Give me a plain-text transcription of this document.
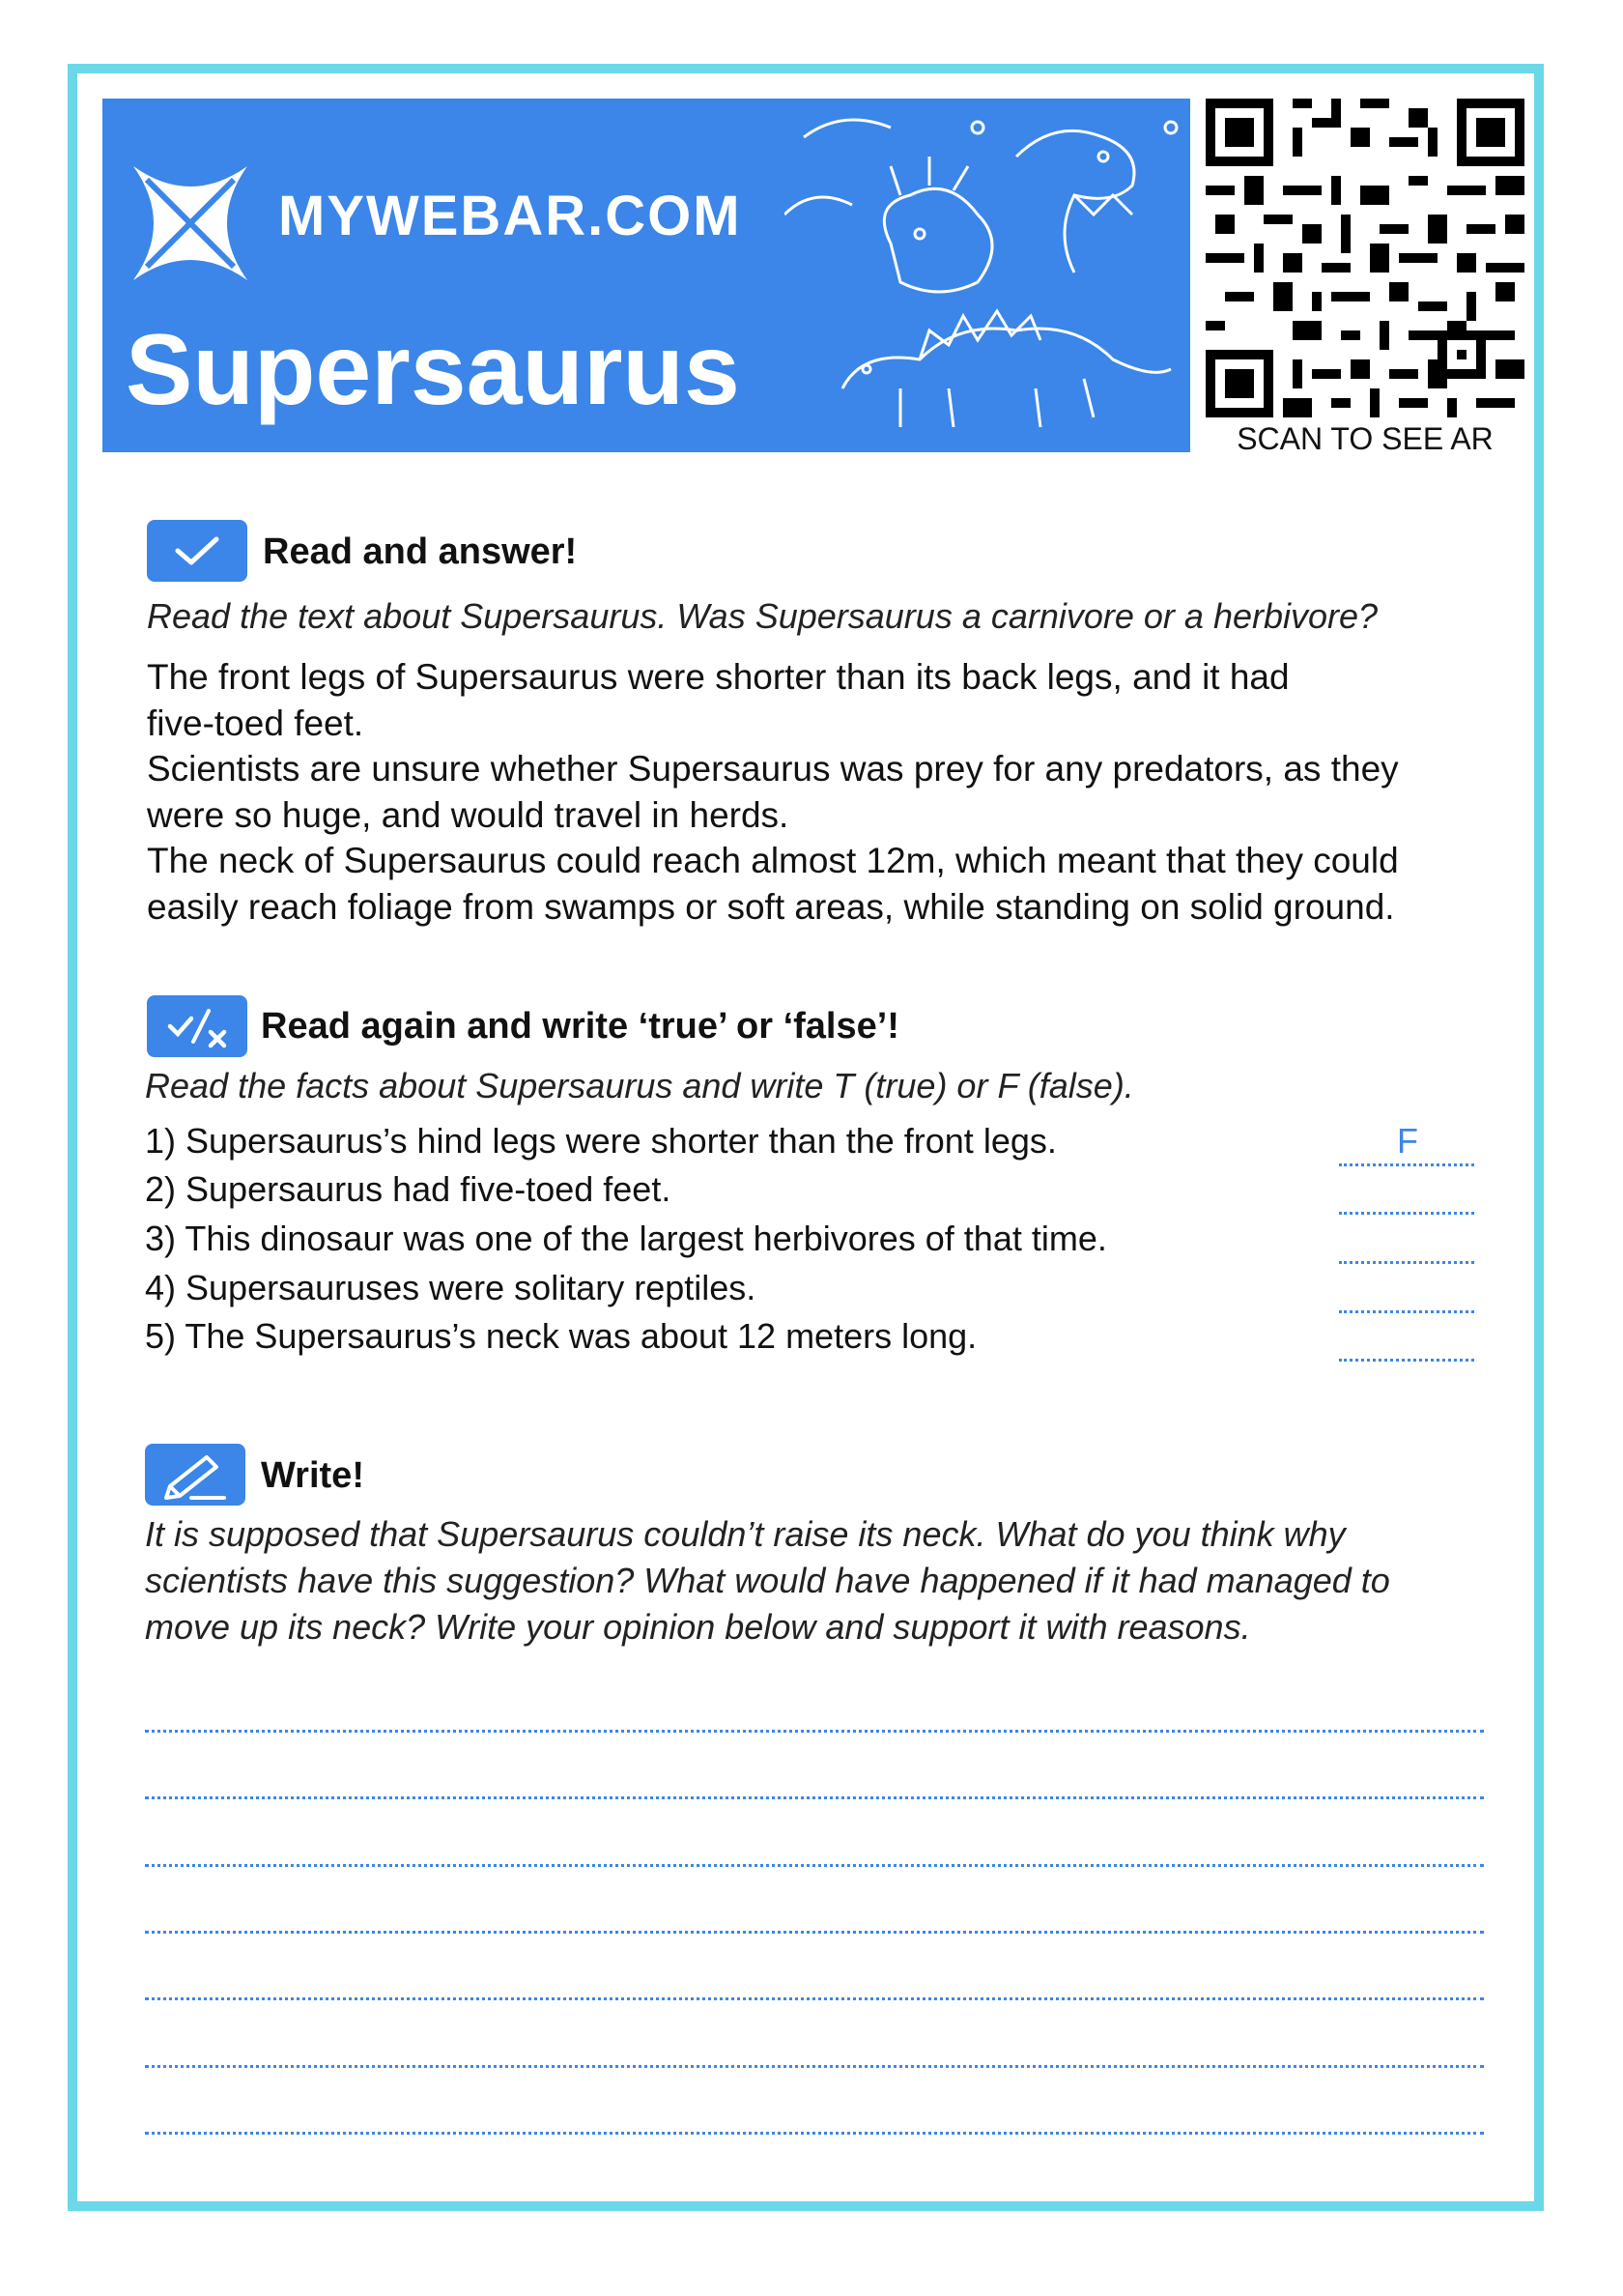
MYWEBAR.COM
Supersaurus
SCAN TO SEE AR
Read and answer!
Read the text about Supersaurus. Was Supersaurus a carnivore or a herbivore?
The front legs of Supersaurus were shorter than its back legs, and it had
five-toed feet.
Scientists are unsure whether Supersaurus was prey for any predators, as they
were so huge, and would travel in herds.
The neck of Supersaurus could reach almost 12m, which meant that they could
easily reach foliage from swamps or soft areas, while standing on solid ground.
Read again and write ‘true’ or ‘false’!
Read the facts about Supersaurus and write T (true) or F (false).
1) Supersaurus’s hind legs were shorter than the front legs.	F
2) Supersaurus had five-toed feet.
3) This dinosaur was one of the largest herbivores of that time.
4) Supersauruses were solitary reptiles.
5) The Supersaurus’s neck was about 12 meters long.
Write!
It is supposed that Supersaurus couldn’t raise its neck. What do you think why
scientists have this suggestion? What would have happened if it had managed to
move up its neck? Write your opinion below and support it with reasons.
